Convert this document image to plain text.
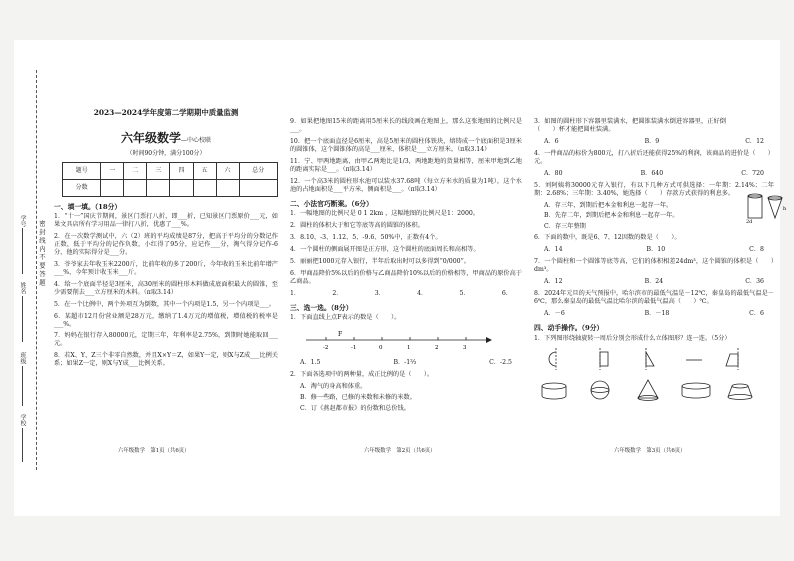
学号
姓名
班级
学校
密封线内不要答题
2023—2024学年度第二学期期中质量监测
六年级数学—中心校联
（时间90分钟，满分100分）
题号	一	二	三	四	五	六	总分
分数							
一、填一填。（18分）
1．“十一”国庆节期间，景区门票打八折，即___折，已知景区门票原价___元，如果文具店所有学习用品一律打八折，优惠了___%。
2．在一次数学测试中，六（2）班的平均成绩是87分，把高于平均分的分数记作正数，低于平均分的记作负数，小红得了95分，应记作___分，淘气得分记作-6分，他的实际得分是___分。
3．爷爷家去年收玉米2200斤，比前年收的多了200斤，今年收的玉米比前年增产___%，今年预计收玉米___斤。
4．给一个底面半径是3厘米，高30厘米的圆柱形木料做成底面积最大的圆锥，至少需要削去___立方厘米的木料。（π取3.14）
5．在一个比例中，两个外项互为倒数，其中一个内项是1.5，另一个内项是___。
6．某超市12月份营业额是28万元，缴纳了1.4万元的增值税，增值税的税率是___%。
7．妈妈在银行存入80000元，定期三年，年利率是2.75%，到期时她能取回___元。
8．若X、Y、Z三个非零自然数，并且X×Y＝Z，如果Y一定，则X与Z成___比例关系；如果Z一定，则X与Y成___比例关系。
六年级数学　第1页（共6页）
9．如果把地图15米的距离用5厘米长的线段画在地图上，那么这张地图的比例尺是___。
10．把一个底面直径是6厘米，高是5厘米的圆柱体铁块，熔铸成一个底面积是3厘米的圆锥体，这个圆锥体的高是___厘米，体积是___立方厘米。（π取3.14）
11．宁、甲两地距离，由甲乙两地比是1/3，两地距地的货量相等，厘米甲地到乙地的距离实际是___。（π取3.14）
12．一个高3米的圆柱形水池可以装水37.68吨（每立方米水的质量为1吨），这个水池的占地面积是___平方米，侧面积是___。（π取3.14）
二、小法官巧断案。（6分）
1．一幅地图的比例尺是 0 1 2km ，这幅地图的比例尺是1：2000。
2．圆柱的体积大于和它等底等高的圆锥的体积。
3．8.10、-3、1.12、5、-9.6、50%中，正数有4个。
4．一个圆柱的侧面展开图是正方形，这个圆柱的底面周长和高相等。
5．丽丽把1000元存入银行，半年后取出时可以多得到“0/000”。
6．甲商品降价5%以后的价格与乙商品降价10%以后的价格相等，甲商品的原价高于乙商品。
1．	2．	3．	4．	5．	6．
三、选一选。（8分）
1．下面直线上点F表示的数是（　　）。
-2	-1	0	1	2	3
F
A．1.5	B．-1⅔	C．-2.5
2．下面各选项中的两种量，成正比例的是（　　）。
A．淘气的身高和体重。
B．修一些路，已修的米数和未修的米数。
C．订《燕赵都市报》的份数和总价钱。
六年级数学　第2页（共6页）
3．如图的圆柱形下容器里装满水，把圆锥装满水倒进容器里，正好倒（　　）杯才能把圆柱装满。
2d
h
A．6	B．9	C．12
4．一件商品的标价为800元，打八折后还能获得25%的利润，该商品的进价是（　　）元。
A．80	B．640	C．720
5．刘阿姨将30000元存入银行，有以下几种方式可供选择：一年期：2.14%；二年期：2.68%；三年期：3.40%，她选择（　　）存款方式获得的利息多。
A．存三年，到期后把本金和利息一起存一年。
B．先存二年，到期后把本金和利息一起存一年。
C．存三年整期
6．下面的数中，既是6、7、12因数的数是（　　）。
A．14	B．10	C．8
7．一个圆柱和一个圆锥等底等高，它们的体积相差24dm³，这个圆锥的体积是（　　）dm³。
A．12	B．24	C．36
8．2024年元旦的天气预报中，哈尔滨市的最低气温是－12℃，秦皇岛的最低气温是－6℃，那么秦皇岛的最低气温比哈尔滨的最低气温高（　　）℃。
A．－6	B．－18	C．6
四、动手操作。（9分）
1．下列图形绕轴旋转一周后分别会形成什么立体图形？连一连。（5分）
六年级数学　第3页（共6页）
